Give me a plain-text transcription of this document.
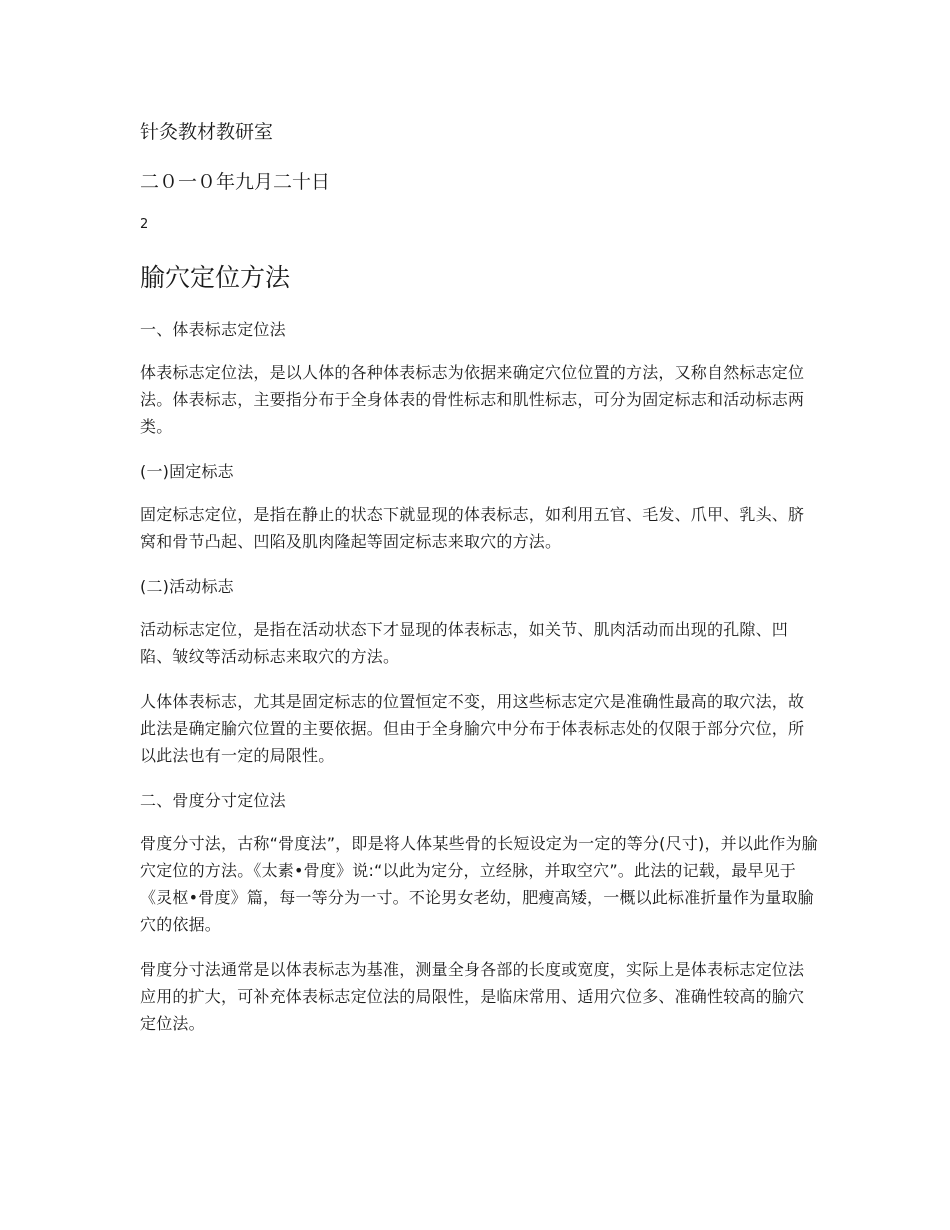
针灸教材教研室
二０一０年九月二十日
2
腧穴定位方法

一、体表标志定位法

体表标志定位法，是以人体的各种体表标志为依据来确定穴位位置的方法，又称自然标志定位法。体表标志，主要指分布于全身体表的骨性标志和肌性标志，可分为固定标志和活动标志两类。

(一)固定标志

固定标志定位，是指在静止的状态下就显现的体表标志，如利用五官、毛发、爪甲、乳头、脐窝和骨节凸起、凹陷及肌肉隆起等固定标志来取穴的方法。

(二)活动标志

活动标志定位，是指在活动状态下才显现的体表标志，如关节、肌肉活动而出现的孔隙、凹陷、皱纹等活动标志来取穴的方法。

人体体表标志，尤其是固定标志的位置恒定不变，用这些标志定穴是准确性最高的取穴法，故此法是确定腧穴位置的主要依据。但由于全身腧穴中分布于体表标志处的仅限于部分穴位，所以此法也有一定的局限性。

二、骨度分寸定位法

骨度分寸法，古称“骨度法”，即是将人体某些骨的长短设定为一定的等分(尺寸)，并以此作为腧穴定位的方法。《太素•骨度》说:“以此为定分，立经脉，并取空穴”。此法的记载，最早见于《灵枢•骨度》篇，每一等分为一寸。不论男女老幼，肥瘦高矮，一概以此标准折量作为量取腧穴的依据。

骨度分寸法通常是以体表标志为基准，测量全身各部的长度或宽度，实际上是体表标志定位法应用的扩大，可补充体表标志定位法的局限性，是临床常用、适用穴位多、准确性较高的腧穴定位法。
